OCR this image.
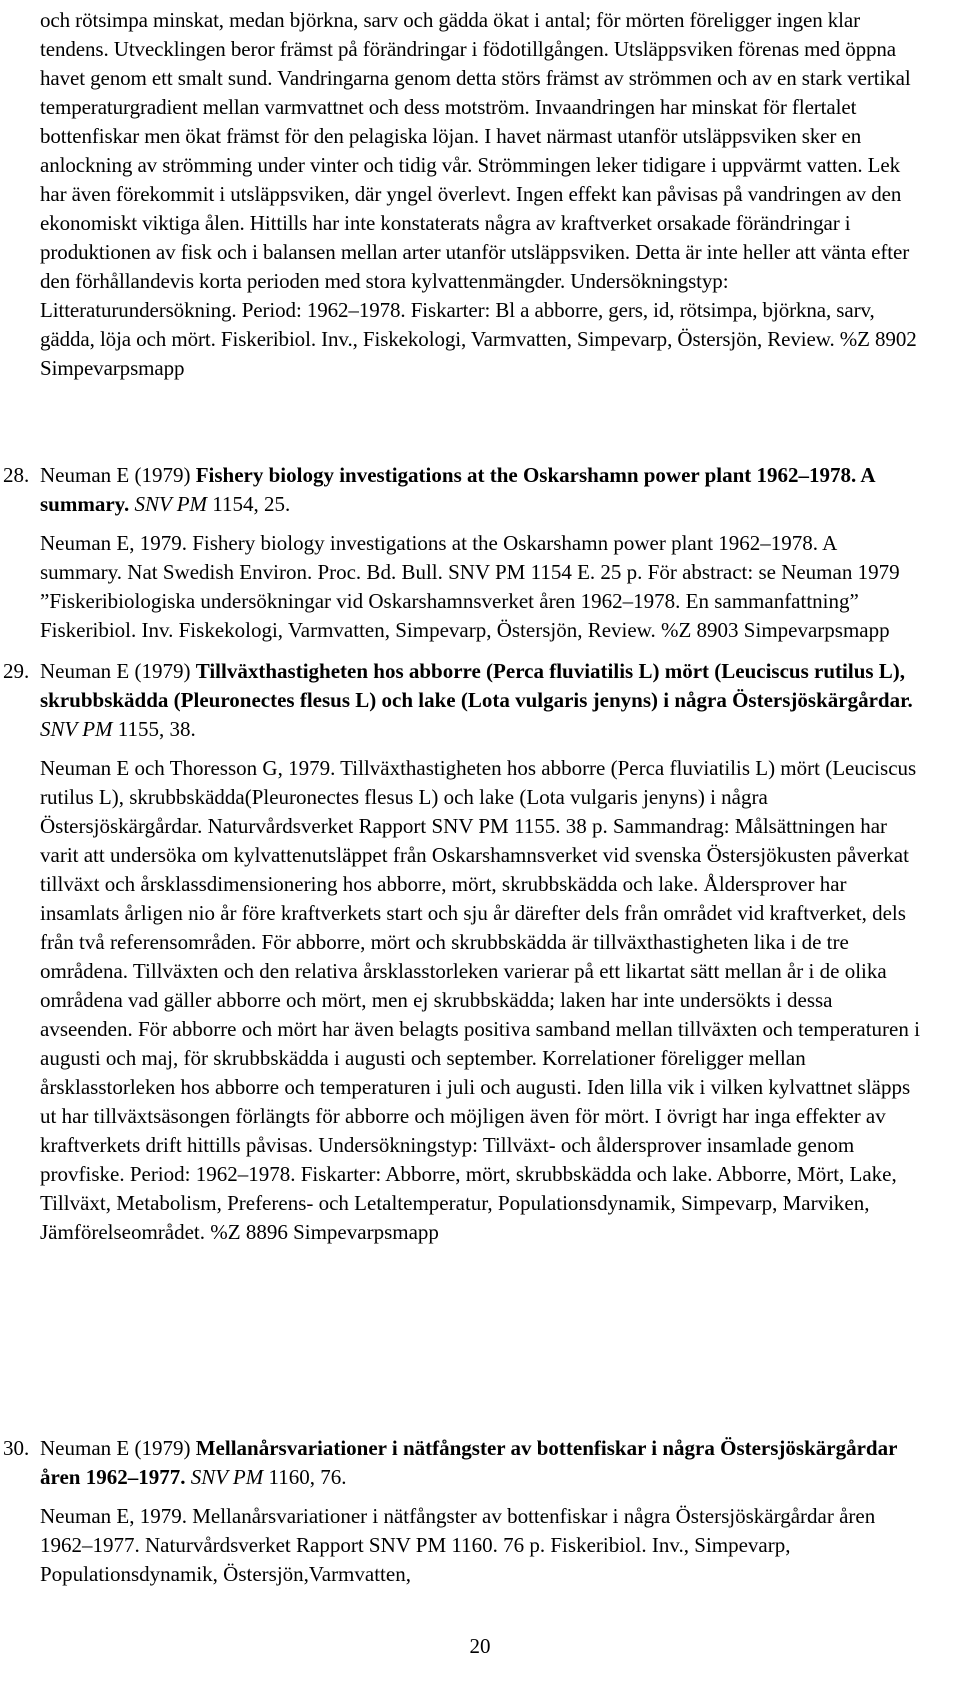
och rötsimpa minskat, medan björkna, sarv och gädda ökat i antal; för mörten föreligger ingen klar tendens. Utvecklingen beror främst på förändringar i födotillgången. Utsläppsviken förenas med öppna havet genom ett smalt sund. Vandringarna genom detta störs främst av strömmen och av en stark vertikal temperaturgradient mellan varmvattnet och dess motström. Invaandringen har minskat för flertalet bottenfiskar men ökat främst för den pelagiska löjan. I havet närmast utanför utsläppsviken sker en anlockning av strömming under vinter och tidig vår. Strömmingen leker tidigare i uppvärmt vatten. Lek har även förekommit i utsläppsviken, där yngel överlevt. Ingen effekt kan påvisas på vandringen av den ekonomiskt viktiga ålen. Hittills har inte konstaterats några av kraftverket orsakade förändringar i produktionen av fisk och i balansen mellan arter utanför utsläppsviken. Detta är inte heller att vänta efter den förhållandevis korta perioden med stora kylvattenmängder. Undersökningstyp: Litteraturundersökning. Period: 1962–1978. Fiskarter: Bl a abborre, gers, id, rötsimpa, björkna, sarv, gädda, löja och mört. Fiskeribiol. Inv., Fiskekologi, Varmvatten, Simpevarp, Östersjön, Review. %Z 8902 Simpevarpsmapp
28. Neuman E (1979) Fishery biology investigations at the Oskarshamn power plant 1962–1978. A summary. SNV PM 1154, 25.
Neuman E, 1979. Fishery biology investigations at the Oskarshamn power plant 1962–1978. A summary. Nat Swedish Environ. Proc. Bd. Bull. SNV PM 1154 E. 25 p. För abstract: se Neuman 1979 ”Fiskeribiologiska undersökningar vid Oskarshamnsverket åren 1962–1978. En sammanfattning” Fiskeribiol. Inv. Fiskekologi, Varmvatten, Simpevarp, Östersjön, Review. %Z 8903 Simpevarpsmapp
29. Neuman E (1979) Tillväxthastigheten hos abborre (Perca fluviatilis L) mört (Leuciscus rutilus L), skrubbskädda (Pleuronectes flesus L) och lake (Lota vulgaris jenyns) i några Östersjöskärgårdar. SNV PM 1155, 38.
Neuman E och Thoresson G, 1979. Tillväxthastigheten hos abborre (Perca fluviatilis L) mört (Leuciscus rutilus L), skrubbskädda(Pleuronectes flesus L) och lake (Lota vulgaris jenyns) i några Östersjöskärgårdar. Naturvårdsverket Rapport SNV PM 1155. 38 p. Sammandrag: Målsättningen har varit att undersöka om kylvattenutsläppet från Oskarshamnsverket vid svenska Östersjökusten påverkat tillväxt och årsklassdimensionering hos abborre, mört, skrubbskädda och lake. Åldersprover har insamlats årligen nio år före kraftverkets start och sju år därefter dels från området vid kraftverket, dels från två referensområden. För abborre, mört och skrubbskädda är tillväxthastigheten lika i de tre områdena. Tillväxten och den relativa årsklasstorleken varierar på ett likartat sätt mellan år i de olika områdena vad gäller abborre och mört, men ej skrubbskädda; laken har inte undersökts i dessa avseenden. För abborre och mört har även belagts positiva samband mellan tillväxten och temperaturen i augusti och maj, för skrubbskädda i augusti och september. Korrelationer föreligger mellan årsklasstorleken hos abborre och temperaturen i juli och augusti. Iden lilla vik i vilken kylvattnet släpps ut har tillväxtsäsongen förlängts för abborre och möjligen även för mört. I övrigt har inga effekter av kraftverkets drift hittills påvisas. Undersökningstyp: Tillväxt- och åldersprover insamlade genom provfiske. Period: 1962–1978. Fiskarter: Abborre, mört, skrubbskädda och lake. Abborre, Mört, Lake, Tillväxt, Metabolism, Preferens- och Letaltemperatur, Populationsdynamik, Simpevarp, Marviken, Jämförelseområdet. %Z 8896 Simpevarpsmapp
30. Neuman E (1979) Mellanårsvariationer i nätfångster av bottenfiskar i några Östersjöskärgårdar åren 1962–1977. SNV PM 1160, 76.
Neuman E, 1979. Mellanårsvariationer i nätfångster av bottenfiskar i några Östersjöskärgårdar åren 1962–1977. Naturvårdsverket Rapport SNV PM 1160. 76 p. Fiskeribiol. Inv., Simpevarp, Populationsdynamik, Östersjön,Varmvatten,
20
